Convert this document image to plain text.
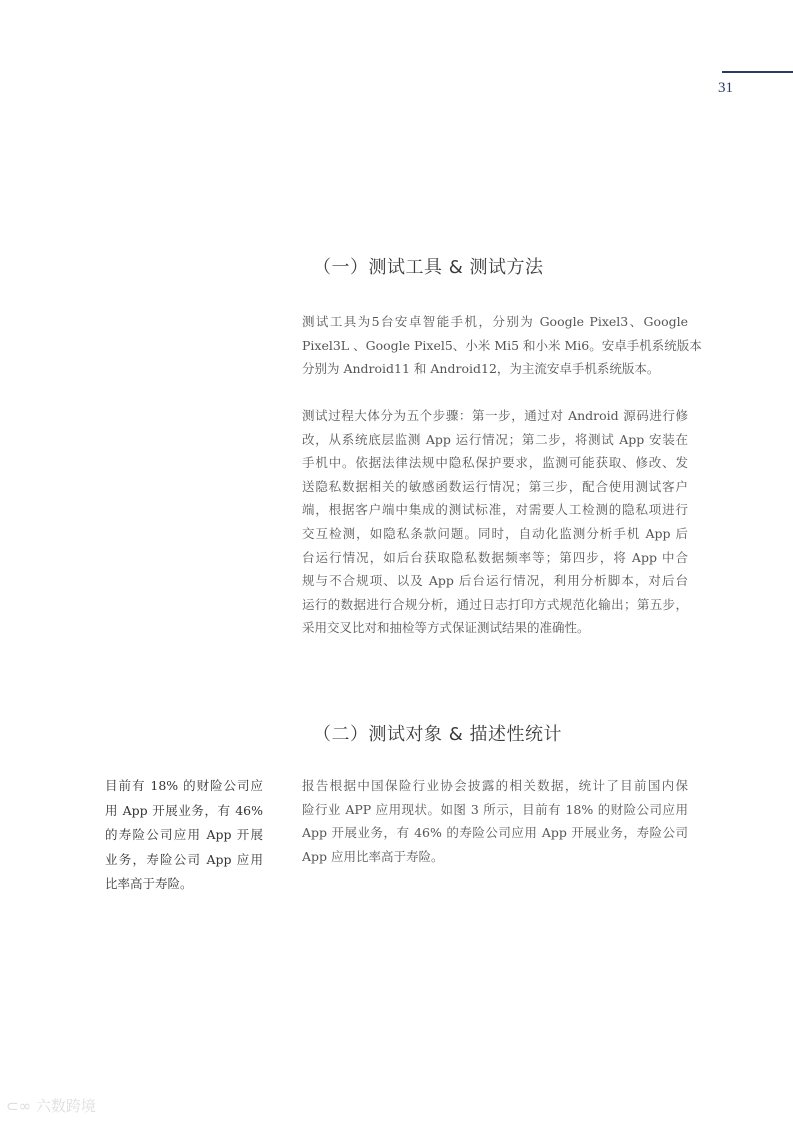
31
（一）测试工具 & 测试方法
测试工具为5台安卓智能手机，分别为 Google Pixel3、Google
Pixel3L 、Google Pixel5、小米 Mi5 和小米 Mi6。安卓手机系统版本
分别为 Android11 和 Android12，为主流安卓手机系统版本。
测试过程大体分为五个步骤：第一步，通过对 Android 源码进行修
改，从系统底层监测 App 运行情况；第二步，将测试 App 安装在
手机中。依据法律法规中隐私保护要求，监测可能获取、修改、发
送隐私数据相关的敏感函数运行情况；第三步，配合使用测试客户
端，根据客户端中集成的测试标准，对需要人工检测的隐私项进行
交互检测，如隐私条款问题。同时，自动化监测分析手机 App 后
台运行情况，如后台获取隐私数据频率等；第四步，将 App 中合
规与不合规项、以及 App 后台运行情况，利用分析脚本，对后台
运行的数据进行合规分析，通过日志打印方式规范化输出；第五步，
采用交叉比对和抽检等方式保证测试结果的准确性。
（二）测试对象 & 描述性统计
目前有 18% 的财险公司应
用 App 开展业务，有 46%
的寿险公司应用 App 开展
业务，寿险公司 App 应用
比率高于寿险。
报告根据中国保险行业协会披露的相关数据，统计了目前国内保
险行业 APP 应用现状。如图 3 所示，目前有 18% 的财险公司应用
App 开展业务，有 46% 的寿险公司应用 App 开展业务，寿险公司
App 应用比率高于寿险。
⊂∞ 六数跨境
